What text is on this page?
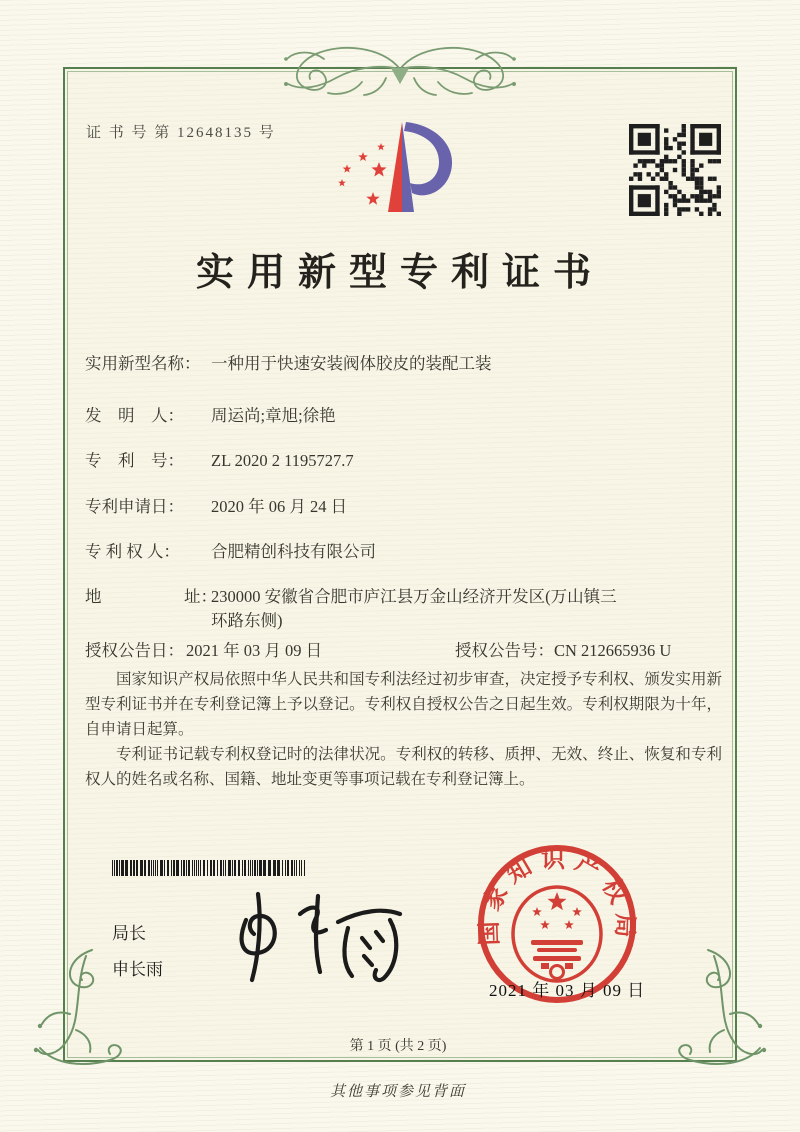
证 书 号 第 12648135 号
实用新型专利证书
实用新型名称： 一种用于快速安装阀体胶皮的装配工装
发　明　人： 周运尚;章旭;徐艳
专　利　号： ZL 2020 2 1195727.7
专利申请日： 2020 年 06 月 24 日
专 利 权 人： 合肥精创科技有限公司
地　　　　　址：
230000 安徽省合肥市庐江县万金山经济开发区(万山镇三环路东侧)
授权公告日： 2021 年 03 月 09 日	授权公告号：CN 212665936 U

国家知识产权局依照中华人民共和国专利法经过初步审查，决定授予专利权、颁发实用新型专利证书并在专利登记簿上予以登记。专利权自授权公告之日起生效。专利权期限为十年，自申请日起算。

专利证书记载专利权登记时的法律状况。专利权的转移、质押、无效、终止、恢复和专利权人的姓名或名称、国籍、地址变更等事项记载在专利登记簿上。

局长
申长雨
国家知识产权局
2021 年 03 月 09 日
第 1 页 (共 2 页)
其他事项参见背面
